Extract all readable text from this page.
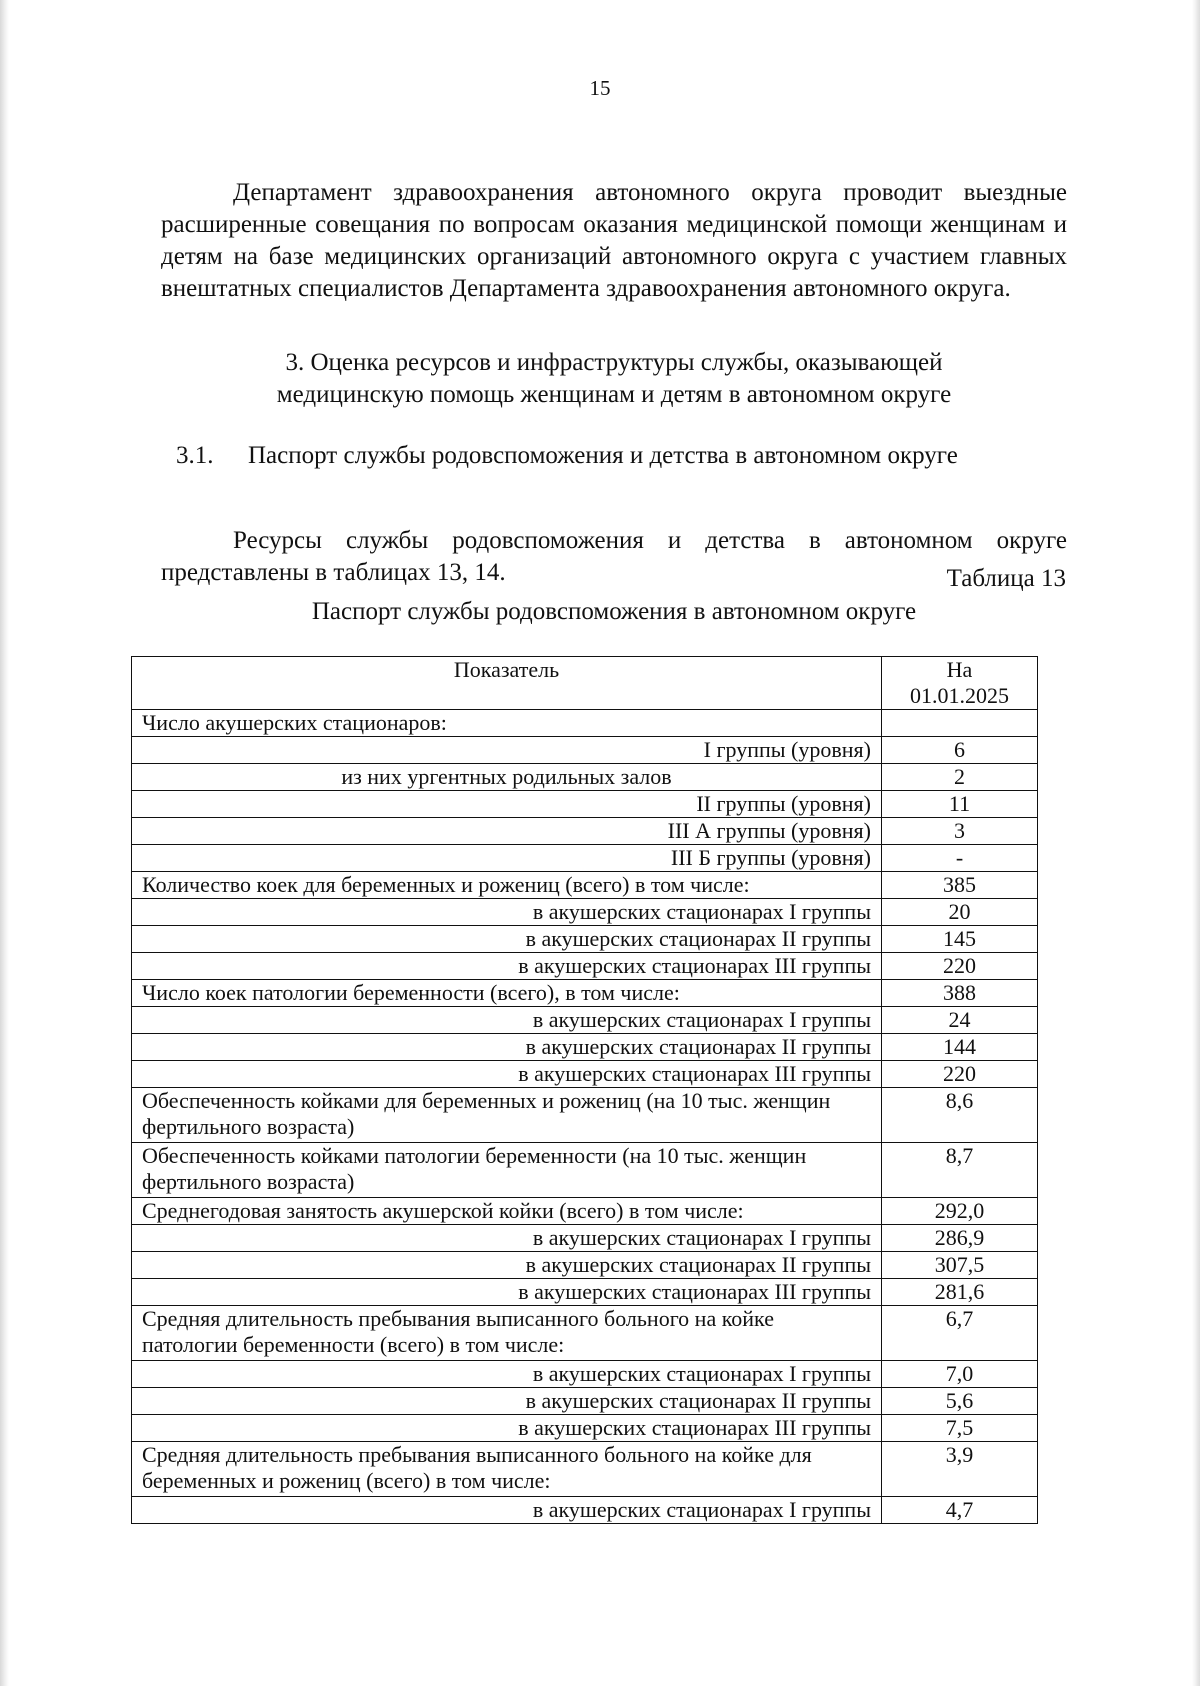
15

Департамент здравоохранения автономного округа проводит выездные расширенные совещания по вопросам оказания медицинской помощи женщинам и детям на базе медицинских организаций автономного округа с участием главных внештатных специалистов Департамента здравоохранения автономного округа.

3. Оценка ресурсов и инфраструктуры службы, оказывающей
медицинскую помощь женщинам и детям в автономном округе
3.1. Паспорт службы родовспоможения и детства в автономном округе

Ресурсы службы родовспоможения и детства в автономном округе представлены в таблицах 13, 14.	Таблица 13
Паспорт службы родовспоможения в автономном округе
Показатель	На
01.01.2025

Число акушерских стационаров:	
I группы (уровня)	6
из них ургентных родильных залов	2
II группы (уровня)	11
III А группы (уровня)	3
III Б группы (уровня)	-
Количество коек для беременных и рожениц (всего) в том числе:	385
в акушерских стационарах I группы	20
в акушерских стационарах II группы	145
в акушерских стационарах III группы	220
Число коек патологии беременности (всего), в том числе:	388
в акушерских стационарах I группы	24
в акушерских стационарах II группы	144
в акушерских стационарах III группы	220
Обеспеченность койками для беременных и рожениц (на 10 тыс. женщин фертильного возраста)	8,6
Обеспеченность койками патологии беременности (на 10 тыс. женщин фертильного возраста)	8,7
Среднегодовая занятость акушерской койки (всего) в том числе:	292,0
в акушерских стационарах I группы	286,9
в акушерских стационарах II группы	307,5
в акушерских стационарах III группы	281,6
Средняя длительность пребывания выписанного больного на койке патологии беременности (всего) в том числе:	6,7
в акушерских стационарах I группы	7,0
в акушерских стационарах II группы	5,6
в акушерских стационарах III группы	7,5
Средняя длительность пребывания выписанного больного на койке для беременных и рожениц (всего) в том числе:	3,9
в акушерских стационарах I группы	4,7
